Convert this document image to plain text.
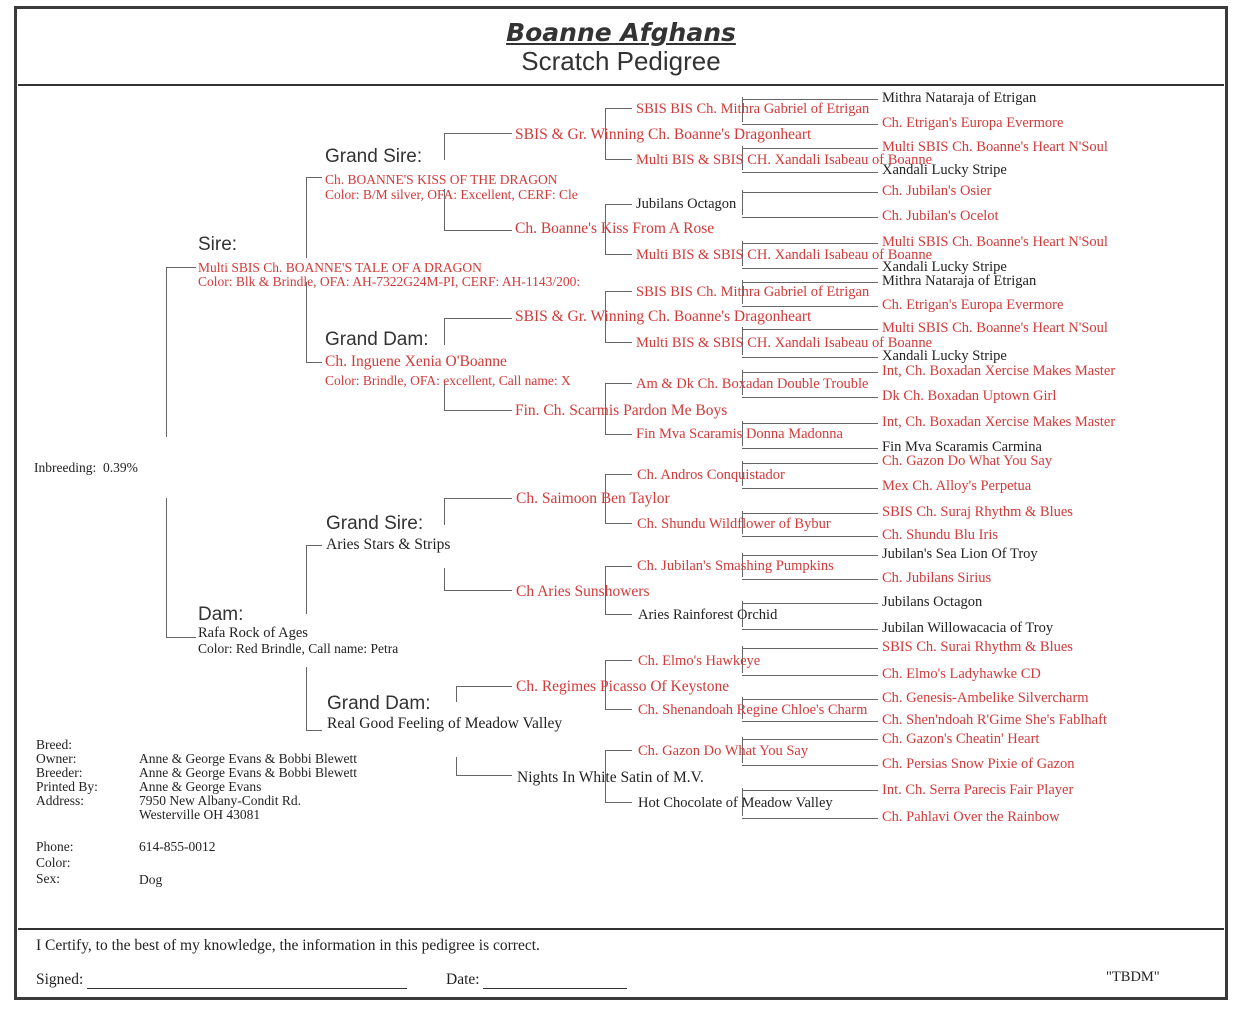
Boanne Afghans
Scratch Pedigree
Inbreeding: 0.39%
Sire:
Multi SBIS Ch. BOANNE'S TALE OF A DRAGON
Color: Blk & Brindle, OFA: AH-7322G24M-PI, CERF: AH-1143/200:
Grand Sire:
Ch. BOANNE'S KISS OF THE DRAGON
Color: B/M silver, OFA: Excellent, CERF: Cle
Grand Dam:
Ch. Inguene Xenia O'Boanne
Color: Brindle, OFA: excellent, Call name: X
Dam:
Rafa Rock of Ages
Color: Red Brindle, Call name: Petra
Grand Sire:
Aries Stars & Strips
Grand Dam:
Real Good Feeling of Meadow Valley
SBIS & Gr. Winning Ch. Boanne's Dragonheart
Ch. Boanne's Kiss From A Rose
SBIS & Gr. Winning Ch. Boanne's Dragonheart
Fin. Ch. Scarmis Pardon Me Boys
Ch. Saimoon Ben Taylor
Ch Aries Sunshowers
Ch. Regimes Picasso Of Keystone
Nights In White Satin of M.V.
SBIS BIS Ch. Mithra Gabriel of Etrigan
Multi BIS & SBIS CH. Xandali Isabeau of Boanne
Jubilans Octagon
Multi BIS & SBIS CH. Xandali Isabeau of Boanne
SBIS BIS Ch. Mithra Gabriel of Etrigan
Multi BIS & SBIS CH. Xandali Isabeau of Boanne
Am & Dk Ch. Boxadan Double Trouble
Fin Mva Scaramis Donna Madonna
Ch. Andros Conquistador
Ch. Shundu Wildflower of Bybur
Ch. Jubilan's Smashing Pumpkins
Aries Rainforest Orchid
Ch. Elmo's Hawkeye
Ch. Shenandoah Regine Chloe's Charm
Ch. Gazon Do What You Say
Hot Chocolate of Meadow Valley
Mithra Nataraja of Etrigan
Ch. Etrigan's Europa Evermore
Multi SBIS Ch. Boanne's Heart N'Soul
Xandali Lucky Stripe
Ch. Jubilan's Osier
Ch. Jubilan's Ocelot
Multi SBIS Ch. Boanne's Heart N'Soul
Xandali Lucky Stripe
Mithra Nataraja of Etrigan
Ch. Etrigan's Europa Evermore
Multi SBIS Ch. Boanne's Heart N'Soul
Xandali Lucky Stripe
Int, Ch. Boxadan Xercise Makes Master
Dk Ch. Boxadan Uptown Girl
Int, Ch. Boxadan Xercise Makes Master
Fin Mva Scaramis Carmina
Ch. Gazon Do What You Say
Mex Ch. Alloy's Perpetua
SBIS Ch. Suraj Rhythm & Blues
Ch. Shundu Blu Iris
Jubilan's Sea Lion Of Troy
Ch. Jubilans Sirius
Jubilans Octagon
Jubilan Willowacacia of Troy
SBIS Ch. Surai Rhythm & Blues
Ch. Elmo's Ladyhawke CD
Ch. Genesis-Ambelike Silvercharm
Ch. Shen'ndoah R'Gime She's Fablhaft
Ch. Gazon's Cheatin' Heart
Ch. Persias Snow Pixie of Gazon
Int. Ch. Serra Parecis Fair Player
Ch. Pahlavi Over the Rainbow
Breed:
Owner:
Breeder:
Printed By:
Address:
Anne & George Evans & Bobbi Blewett
Anne & George Evans & Bobbi Blewett
Anne & George Evans
7950 New Albany-Condit Rd.
Westerville OH 43081
Phone:
Color:
Sex:
614-855-0012
Dog
I Certify, to the best of my knowledge, the information in this pedigree is correct.
Signed:	Date:	"TBDM"
